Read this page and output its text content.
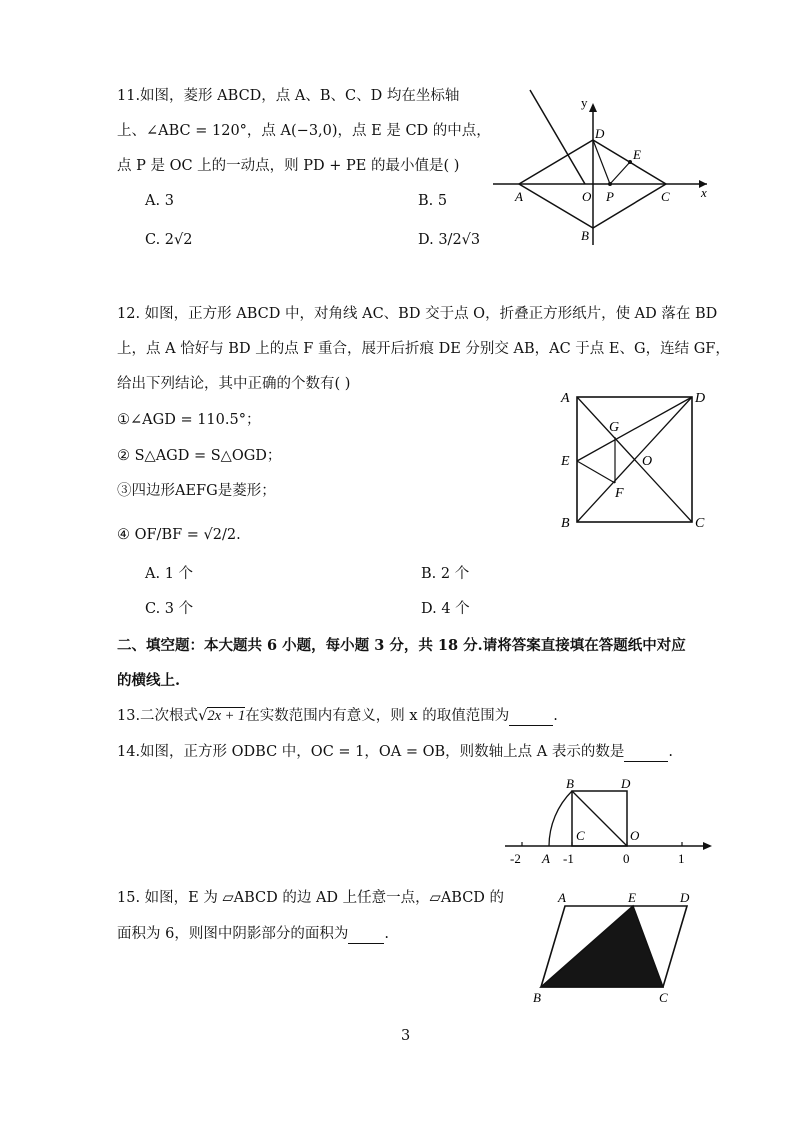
11.如图，菱形 ABCD，点 A、B、C、D 均在坐标轴
上、∠ABC = 120°，点 A(−3,0)，点 E 是 CD 的中点，
点 P 是 OC 上的一动点，则 PD + PE 的最小值是( )
A. 3	B. 5
C. 2√2	D. 3/2√3
y
x
D
E
A	O P	C
B
12. 如图，正方形 ABCD 中，对角线 AC、BD 交于点 O，折叠正方形纸片，使 AD 落在 BD
上，点 A 恰好与 BD 上的点 F 重合，展开后折痕 DE 分别交 AB，AC 于点 E、G，连结 GF，
给出下列结论，其中正确的个数有( )
①∠AGD = 110.5°；
② S△AGD = S△OGD；
③四边形AEFG是菱形；
④ OF/BF = √2/2.
A. 1 个	B. 2 个
C. 3 个	D. 4 个
A	D
G
E	O
F
B	C
二、填空题：本大题共 6 小题，每小题 3 分，共 18 分.请将答案直接填在答题纸中对应
的横线上.
13.二次根式√2x + 1在实数范围内有意义，则 x 的取值范围为	.
14.如图，正方形 ODBC 中，OC = 1，OA = OB，则数轴上点 A 表示的数是	.
B	D
C	O
A
-2	-1	0	1
15. 如图，E 为 ▱ABCD 的边 AD 上任意一点，▱ABCD 的
面积为 6，则图中阴影部分的面积为 .
A	E	D
B	C
3
